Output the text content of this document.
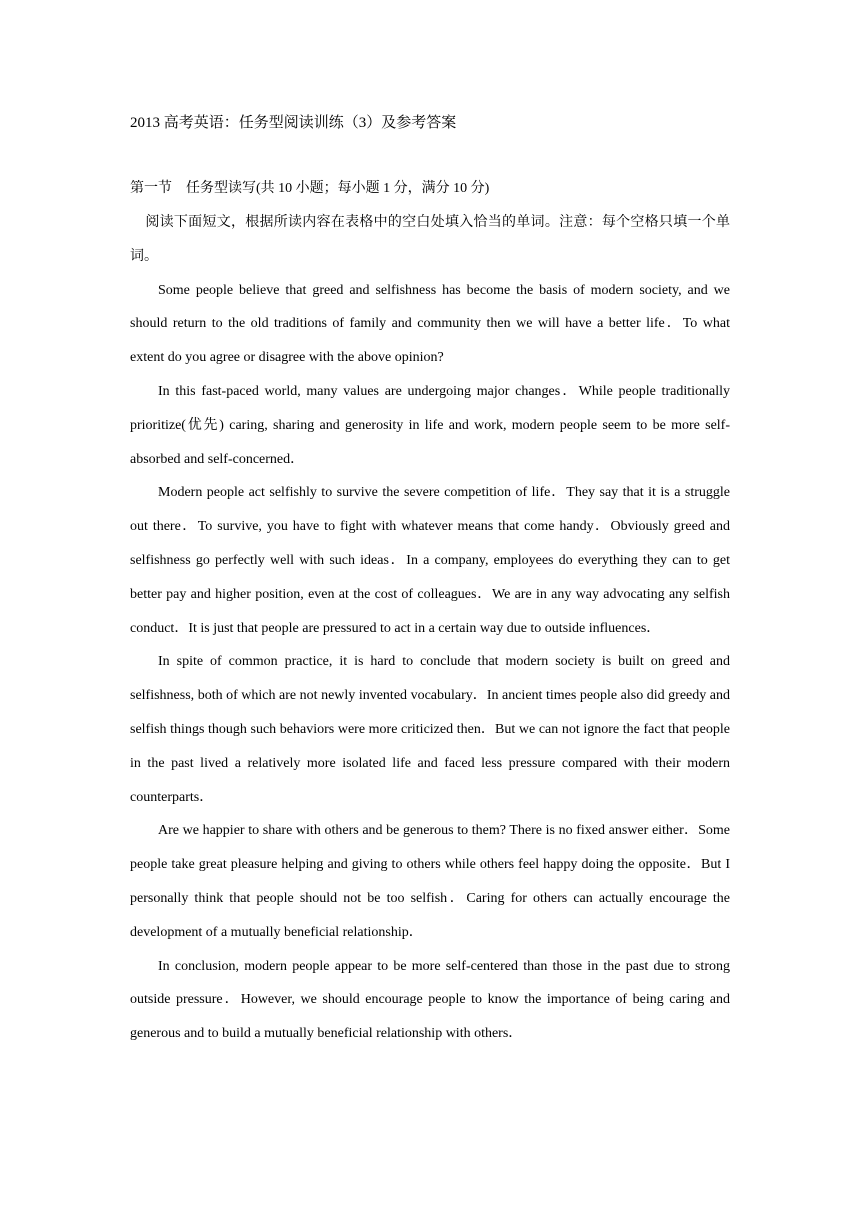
2013 高考英语：任务型阅读训练（3）及参考答案
第一节　任务型读写(共 10 小题；每小题 1 分，满分 10 分)

阅读下面短文，根据所读内容在表格中的空白处填入恰当的单词。注意：每个空格只填一个单词。

Some people believe that greed and selfishness has become the basis of modern society, and we should return to the old traditions of family and community then we will have a better life．To what extent do you agree or disagree with the above opinion?

In this fast-paced world, many values are undergoing major changes．While people traditionally prioritize(优先) caring, sharing and generosity in life and work, modern people seem to be more self-absorbed and self-concerned．

Modern people act selfishly to survive the severe competition of life．They say that it is a struggle out there．To survive, you have to fight with whatever means that come handy．Obviously greed and selfishness go perfectly well with such ideas．In a company, employees do everything they can to get better pay and higher position, even at the cost of colleagues．We are in any way advocating any selfish conduct．It is just that people are pressured to act in a certain way due to outside influences．

In spite of common practice, it is hard to conclude that modern society is built on greed and selfishness, both of which are not newly invented vocabulary．In ancient times people also did greedy and selfish things though such behaviors were more criticized then．But we can not ignore the fact that people in the past lived a relatively more isolated life and faced less pressure compared with their modern counterparts．

Are we happier to share with others and be generous to them? There is no fixed answer either．Some people take great pleasure helping and giving to others while others feel happy doing the opposite．But I personally think that people should not be too selfish．Caring for others can actually encourage the development of a mutually beneficial relationship．

In conclusion, modern people appear to be more self-centered than those in the past due to strong outside pressure．However, we should encourage people to know the importance of being caring and generous and to build a mutually beneficial relationship with others．
